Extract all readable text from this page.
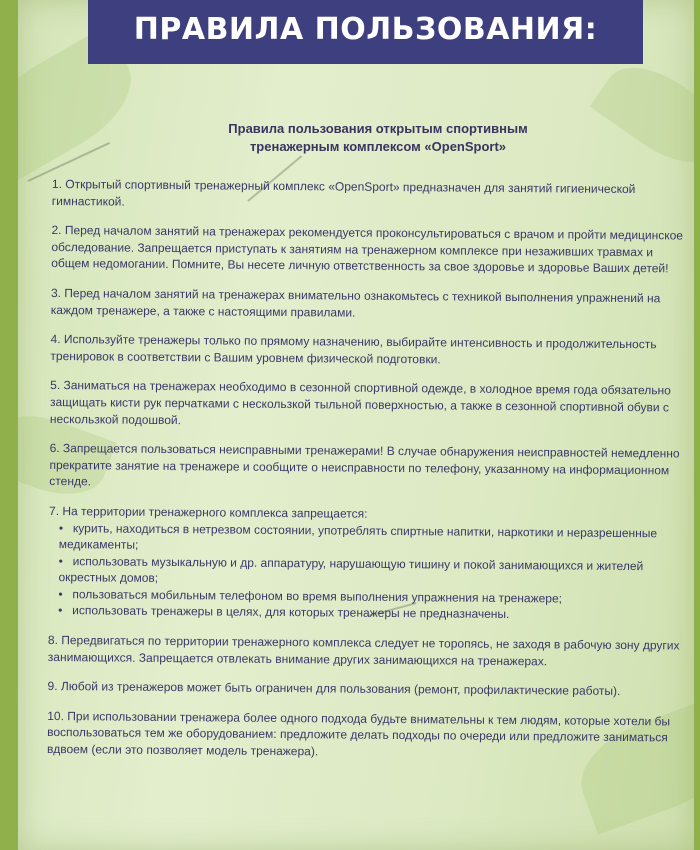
ПРАВИЛА ПОЛЬЗОВАНИЯ:
Правила пользования открытым спортивным
тренажерным комплексом «OpenSport»
1. Открытый спортивный тренажерный комплекс «OpenSport» предназначен для занятий гигиенической гимнастикой.
2. Перед началом занятий на тренажерах рекомендуется проконсультироваться с врачом и пройти медицинское обследование. Запрещается приступать к занятиям на тренажерном комплексе при незаживших травмах и общем недомогании. Помните, Вы несете личную ответственность за свое здоровье и здоровье Ваших детей!
3. Перед началом занятий на тренажерах внимательно ознакомьтесь с техникой выполнения упражнений на каждом тренажере, а также с настоящими правилами.
4. Используйте тренажеры только по прямому назначению, выбирайте интенсивность и продолжительность тренировок в соответствии с Вашим уровнем физической подготовки.
5. Заниматься на тренажерах необходимо в сезонной спортивной одежде, в холодное время года обязательно защищать кисти рук перчатками с нескользкой тыльной поверхностью, а также в сезонной спортивной обуви с нескользкой подошвой.
6. Запрещается пользоваться неисправными тренажерами! В случае обнаружения неисправностей немедленно прекратите занятие на тренажере и сообщите о неисправности по телефону, указанному на информационном стенде.
7. На территории тренажерного комплекса запрещается:
• курить, находиться в нетрезвом состоянии, употреблять спиртные напитки, наркотики и неразрешенные медикаменты;
• использовать музыкальную и др. аппаратуру, нарушающую тишину и покой занимающихся и жителей окрестных домов;
• пользоваться мобильным телефоном во время выполнения упражнения на тренажере;
• использовать тренажеры в целях, для которых тренажеры не предназначены.
8. Передвигаться по территории тренажерного комплекса следует не торопясь, не заходя в рабочую зону других занимающихся. Запрещается отвлекать внимание других занимающихся на тренажерах.
9. Любой из тренажеров может быть ограничен для пользования (ремонт, профилактические работы).
10. При использовании тренажера более одного подхода будьте внимательны к тем людям, которые хотели бы воспользоваться тем же оборудованием: предложите делать подходы по очереди или предложите заниматься вдвоем (если это позволяет модель тренажера).
